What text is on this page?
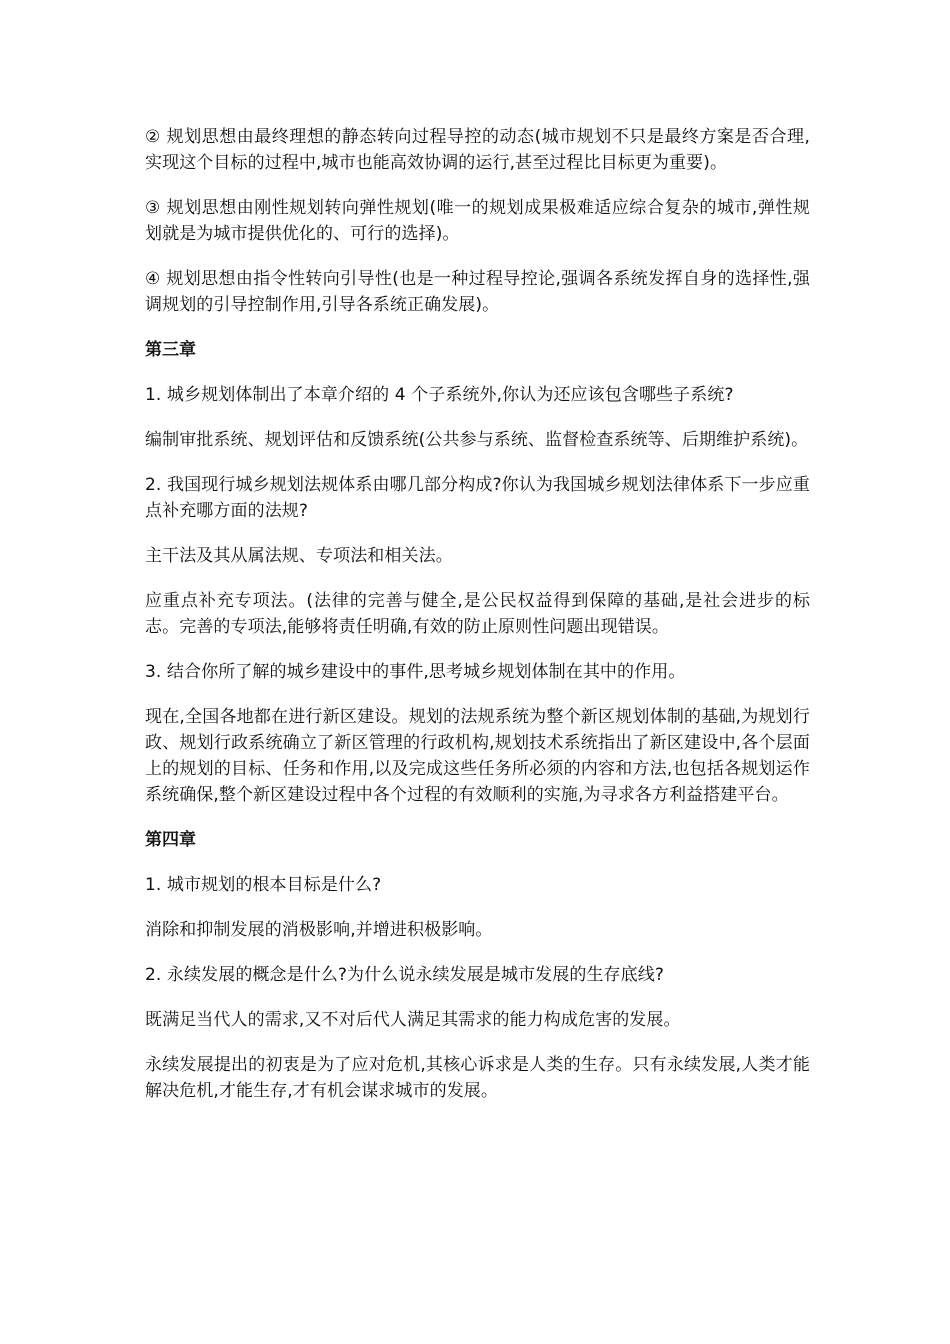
② 规划思想由最终理想的静态转向过程导控的动态(城市规划不只是最终方案是否合理,实现这个目标的过程中,城市也能高效协调的运行,甚至过程比目标更为重要)。

③ 规划思想由刚性规划转向弹性规划(唯一的规划成果极难适应综合复杂的城市,弹性规划就是为城市提供优化的、可行的选择)。

④ 规划思想由指令性转向引导性(也是一种过程导控论,强调各系统发挥自身的选择性,强调规划的引导控制作用,引导各系统正确发展)。

第三章

1. 城乡规划体制出了本章介绍的 4 个子系统外,你认为还应该包含哪些子系统?

编制审批系统、规划评估和反馈系统(公共参与系统、监督检查系统等、后期维护系统)。

2. 我国现行城乡规划法规体系由哪几部分构成?你认为我国城乡规划法律体系下一步应重点补充哪方面的法规?

主干法及其从属法规、专项法和相关法。

应重点补充专项法。(法律的完善与健全,是公民权益得到保障的基础,是社会进步的标志。完善的专项法,能够将责任明确,有效的防止原则性问题出现错误。

3. 结合你所了解的城乡建设中的事件,思考城乡规划体制在其中的作用。

现在,全国各地都在进行新区建设。规划的法规系统为整个新区规划体制的基础,为规划行政、规划行政系统确立了新区管理的行政机构,规划技术系统指出了新区建设中,各个层面上的规划的目标、任务和作用,以及完成这些任务所必须的内容和方法,也包括各规划运作系统确保,整个新区建设过程中各个过程的有效顺利的实施,为寻求各方利益搭建平台。

第四章

1. 城市规划的根本目标是什么?

消除和抑制发展的消极影响,并增进积极影响。

2. 永续发展的概念是什么?为什么说永续发展是城市发展的生存底线?

既满足当代人的需求,又不对后代人满足其需求的能力构成危害的发展。

永续发展提出的初衷是为了应对危机,其核心诉求是人类的生存。只有永续发展,人类才能解决危机,才能生存,才有机会谋求城市的发展。
